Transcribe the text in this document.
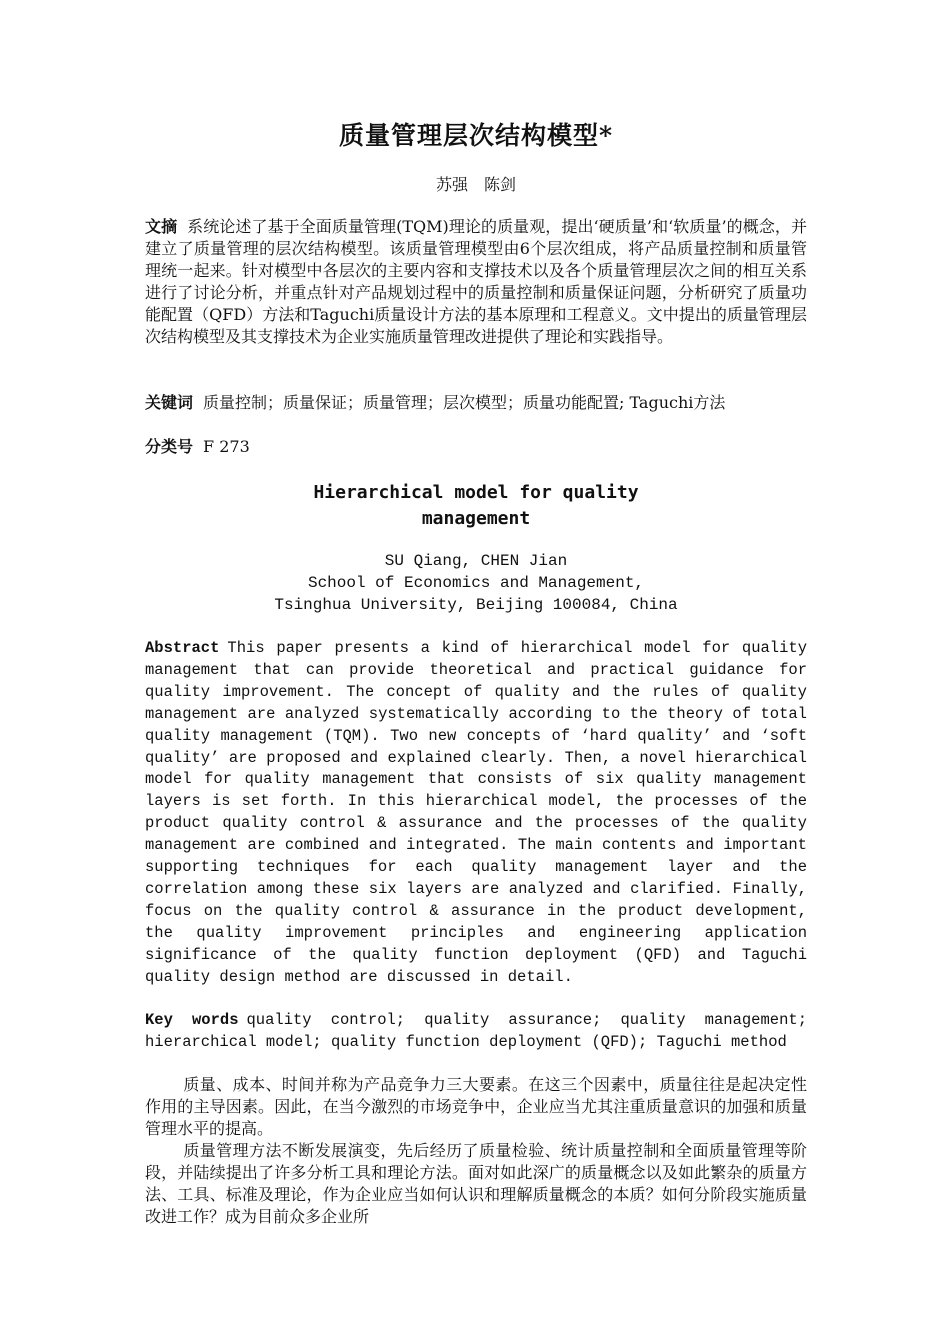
质量管理层次结构模型*
苏强　陈剑
文摘 系统论述了基于全面质量管理(TQM)理论的质量观，提出‘硬质量’和‘软质量’的概念，并建立了质量管理的层次结构模型。该质量管理模型由6个层次组成，将产品质量控制和质量管理统一起来。针对模型中各层次的主要内容和支撑技术以及各个质量管理层次之间的相互关系进行了讨论分析，并重点针对产品规划过程中的质量控制和质量保证问题，分析研究了质量功能配置（QFD）方法和Taguchi质量设计方法的基本原理和工程意义。文中提出的质量管理层次结构模型及其支撑技术为企业实施质量管理改进提供了理论和实践指导。
关键词 质量控制；质量保证；质量管理；层次模型；质量功能配置; Taguchi方法
分类号 F 273
Hierarchical model for quality
management
SU Qiang, CHEN Jian
School of Economics and Management,
Tsinghua University, Beijing 100084, China
Abstract This paper presents a kind of hierarchical model for quality management that can provide theoretical and practical guidance for quality improvement. The concept of quality and the rules of quality management are analyzed systematically according to the theory of total quality management (TQM). Two new concepts of ‘hard quality’ and ‘soft quality’ are proposed and explained clearly. Then, a novel hierarchical model for quality management that consists of six quality management layers is set forth. In this hierarchical model, the processes of the product quality control & assurance and the processes of the quality management are combined and integrated. The main contents and important supporting techniques for each quality management layer and the correlation among these six layers are analyzed and clarified. Finally, focus on the quality control & assurance in the product development, the quality improvement principles and engineering application significance of the quality function deployment (QFD) and Taguchi quality design method are discussed in detail.
Key words quality control; quality assurance; quality management; hierarchical model; quality function deployment (QFD); Taguchi method

质量、成本、时间并称为产品竞争力三大要素。在这三个因素中，质量往往是起决定性作用的主导因素。因此，在当今激烈的市场竞争中，企业应当尤其注重质量意识的加强和质量管理水平的提高。

质量管理方法不断发展演变，先后经历了质量检验、统计质量控制和全面质量管理等阶段，并陆续提出了许多分析工具和理论方法。面对如此深广的质量概念以及如此繁杂的质量方法、工具、标准及理论，作为企业应当如何认识和理解质量概念的本质？如何分阶段实施质量改进工作？成为目前众多企业所
